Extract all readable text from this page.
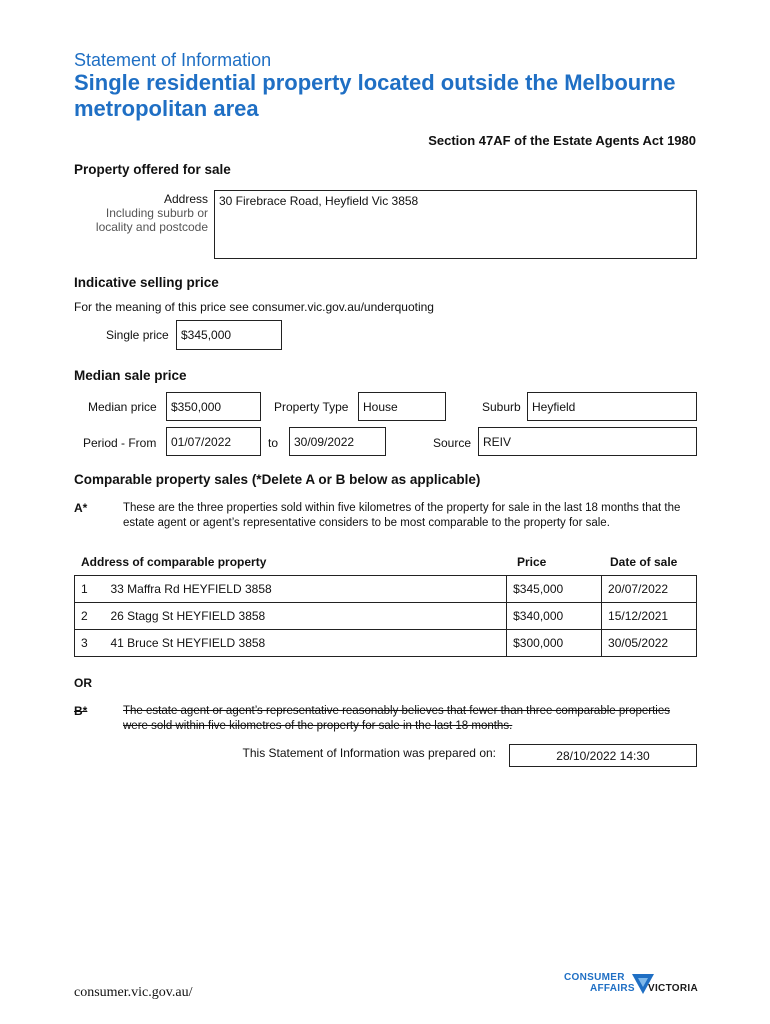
Statement of Information
Single residential property located outside the Melbourne metropolitan area
Section 47AF of the Estate Agents Act 1980
Property offered for sale
Address
Including suburb or
locality and postcode
30 Firebrace Road, Heyfield Vic 3858
Indicative selling price
For the meaning of this price see consumer.vic.gov.au/underquoting
Single price	$345,000
Median sale price
Median price	$350,000	Property Type	House	Suburb Heyfield
Period - From	01/07/2022	to	30/09/2022	Source REIV
Comparable property sales (*Delete A or B below as applicable)
A*	These are the three properties sold within five kilometres of the property for sale in the last 18 months that the estate agent or agent’s representative considers to be most comparable to the property for sale.
Address of comparable property	Price	Date of sale
1	33 Maffra Rd HEYFIELD 3858	$345,000	20/07/2022
2	26 Stagg St HEYFIELD 3858	$340,000	15/12/2021
3	41 Bruce St HEYFIELD 3858	$300,000	30/05/2022
OR
B*	The estate agent or agent’s representative reasonably believes that fewer than three comparable properties were sold within five kilometres of the property for sale in the last 18 months.
This Statement of Information was prepared on:	28/10/2022 14:30
consumer.vic.gov.au/
CONSUMER
AFFAIRS VICTORIA
